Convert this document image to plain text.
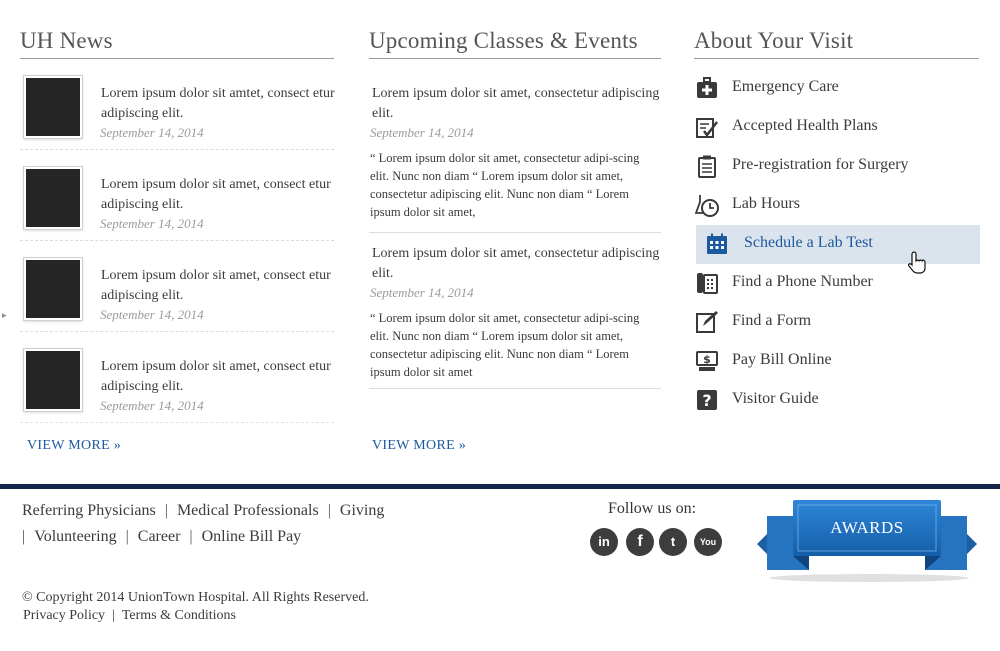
UH News
Lorem ipsum dolor sit amtet, consect etur adipiscing elit.
September 14, 2014
Lorem ipsum dolor sit amet, consect etur adipiscing elit.
September 14, 2014
Lorem ipsum dolor sit amet, consect etur adipiscing elit.
September 14, 2014
Lorem ipsum dolor sit amet, consect etur adipiscing elit.
September 14, 2014
VIEW MORE »
Upcoming Classes & Events
Lorem ipsum dolor sit amet, consectetur adipiscing elit.
September 14, 2014
“ Lorem ipsum dolor sit amet, consectetur adipi-scing elit. Nunc non diam “ Lorem ipsum dolor sit amet, consectetur adipiscing elit. Nunc non diam “ Lorem ipsum dolor sit amet,
Lorem ipsum dolor sit amet, consectetur adipiscing elit.
September 14, 2014
“ Lorem ipsum dolor sit amet, consectetur adipi-scing elit. Nunc non diam “ Lorem ipsum dolor sit amet, consectetur adipiscing elit. Nunc non diam “ Lorem ipsum dolor sit amet
VIEW MORE »
About Your Visit
Emergency Care
Accepted Health Plans
Pre-registration for Surgery
Lab Hours
Schedule a Lab Test
Find a Phone Number
Find a Form
$ Pay Bill Online
? Visitor Guide
▸
Referring Physicians | Medical Professionals | Giving
| Volunteering | Career | Online Bill Pay
Follow us on:
in	f	t	You
AWARDS
© Copyright 2014 UnionTown Hospital. All Rights Reserved.
Privacy Policy | Terms & Conditions
